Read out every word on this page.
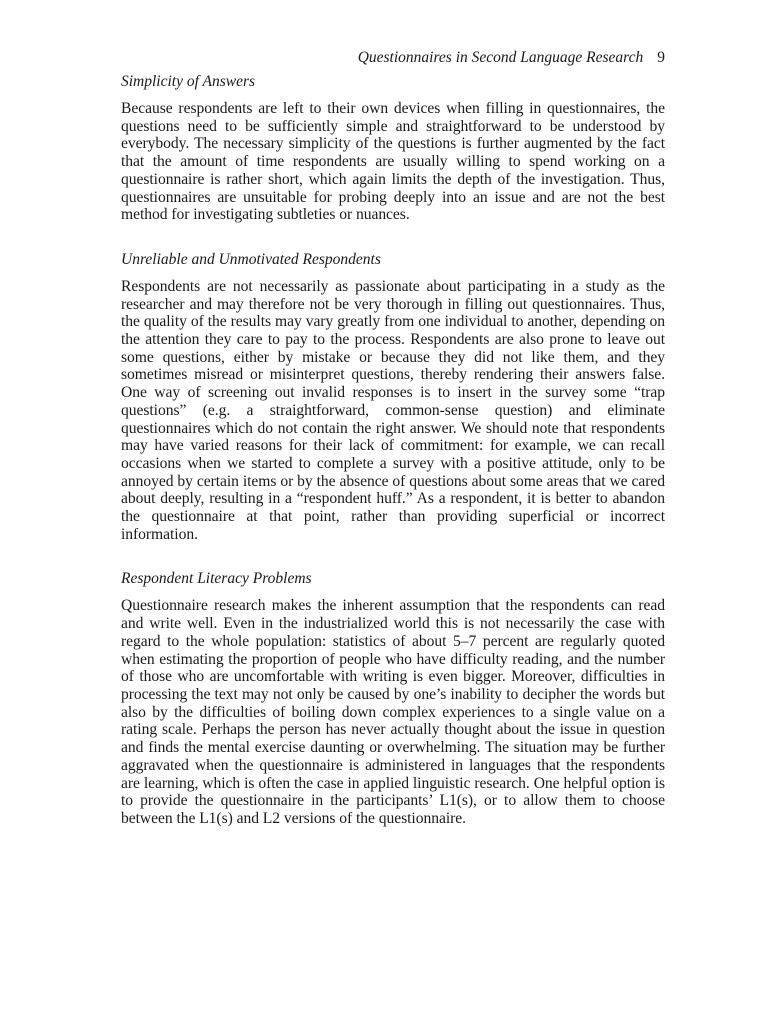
Questionnaires in Second Language Research 9
Simplicity of Answers

Because respondents are left to their own devices when filling in questionnaires, the questions need to be sufficiently simple and straightforward to be understood by everybody. The necessary simplicity of the questions is further augmented by the fact that the amount of time respondents are usually willing to spend working on a questionnaire is rather short, which again limits the depth of the investigation. Thus, questionnaires are unsuitable for probing deeply into an issue and are not the best method for investigating subtleties or nuances.

Unreliable and Unmotivated Respondents

Respondents are not necessarily as passionate about participating in a study as the researcher and may therefore not be very thorough in filling out questionnaires. Thus, the quality of the results may vary greatly from one individual to another, depending on the attention they care to pay to the process. Respondents are also prone to leave out some questions, either by mistake or because they did not like them, and they sometimes misread or misinterpret questions, thereby rendering their answers false. One way of screening out invalid responses is to insert in the survey some “trap questions” (e.g. a straightforward, common-sense question) and eliminate questionnaires which do not contain the right answer. We should note that respondents may have varied reasons for their lack of commitment: for example, we can recall occasions when we started to complete a survey with a positive attitude, only to be annoyed by certain items or by the absence of questions about some areas that we cared about deeply, resulting in a “respondent huff.” As a respondent, it is better to abandon the questionnaire at that point, rather than providing superficial or incorrect information.

Respondent Literacy Problems

Questionnaire research makes the inherent assumption that the respondents can read and write well. Even in the industrialized world this is not necessarily the case with regard to the whole population: statistics of about 5–7 percent are regularly quoted when estimating the proportion of people who have difficulty reading, and the number of those who are uncomfortable with writing is even bigger. Moreover, difficulties in processing the text may not only be caused by one’s inability to decipher the words but also by the difficulties of boiling down complex experiences to a single value on a rating scale. Perhaps the person has never actually thought about the issue in question and finds the mental exercise daunting or overwhelming. The situation may be further aggravated when the questionnaire is administered in languages that the respondents are learning, which is often the case in applied linguistic research. One helpful option is to provide the questionnaire in the participants’ L1(s), or to allow them to choose between the L1(s) and L2 versions of the questionnaire.
